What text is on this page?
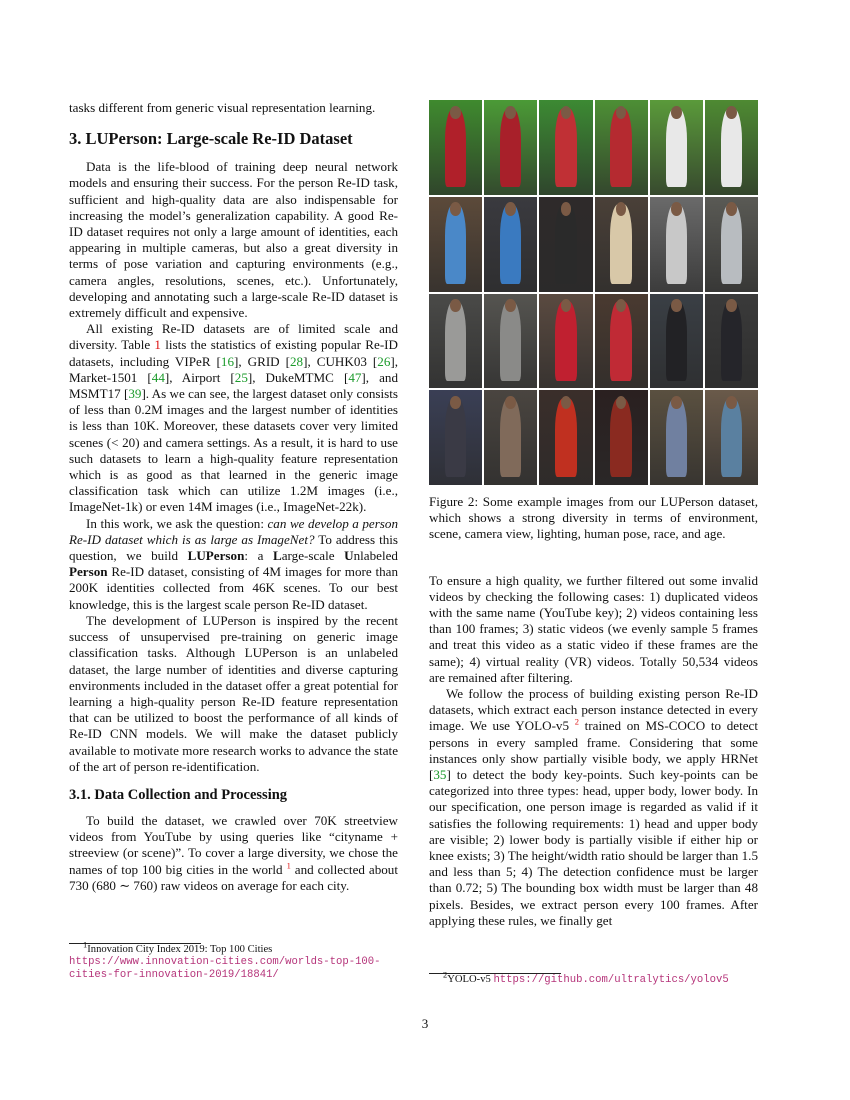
tasks different from generic visual representation learning.

3. LUPerson: Large-scale Re-ID Dataset

Data is the life-blood of training deep neural network models and ensuring their success. For the person Re-ID task, sufficient and high-quality data are also indispensable for increasing the model’s generalization capability. A good Re-ID dataset requires not only a large amount of identities, each appearing in multiple cameras, but also a great diversity in terms of pose variation and capturing environments (e.g., camera angles, resolutions, scenes, etc.). Unfortunately, developing and annotating such a large-scale Re-ID dataset is extremely difficult and expensive.

All existing Re-ID datasets are of limited scale and diversity. Table 1 lists the statistics of existing popular Re-ID datasets, including VIPeR [16], GRID [28], CUHK03 [26], Market-1501 [44], Airport [25], DukeMTMC [47], and MSMT17 [39]. As we can see, the largest dataset only consists of less than 0.2M images and the largest number of identities is less than 10K. Moreover, these datasets cover very limited scenes (< 20) and camera settings. As a result, it is hard to use such datasets to learn a high-quality feature representation which is as good as that learned in the generic image classification task which can utilize 1.2M images (i.e., ImageNet-1k) or even 14M images (i.e., ImageNet-22k).

In this work, we ask the question: can we develop a person Re-ID dataset which is as large as ImageNet? To address this question, we build LUPerson: a Large-scale Unlabeled Person Re-ID dataset, consisting of 4M images for more than 200K identities collected from 46K scenes. To our best knowledge, this is the largest scale person Re-ID dataset.

The development of LUPerson is inspired by the recent success of unsupervised pre-training on generic image classification tasks. Although LUPerson is an unlabeled dataset, the large number of identities and diverse capturing environments included in the dataset offer a great potential for learning a high-quality person Re-ID feature representation that can be utilized to boost the performance of all kinds of Re-ID CNN models. We will make the dataset publicly available to motivate more research works to advance the state of the art of person re-identification.

3.1. Data Collection and Processing

To build the dataset, we crawled over 70K streetview videos from YouTube by using queries like “cityname + streeview (or scene)”. To cover a large diversity, we chose the names of top 100 big cities in the world $^1$ and collected about 730 (680 ∼ 760) raw videos on average for each city.

$^1$Innovation City Index 2019: Top 100 Cities https://www.innovation-cities.com/worlds-top-100-cities-for-innovation-2019/18841/

Figure 2: Some example images from our LUPerson dataset, which shows a strong diversity in terms of environment, scene, camera view, lighting, human pose, race, and age.

To ensure a high quality, we further filtered out some invalid videos by checking the following cases: 1) duplicated videos with the same name (YouTube key); 2) videos containing less than 100 frames; 3) static videos (we evenly sample 5 frames and treat this video as a static video if these frames are the same); 4) virtual reality (VR) videos. Totally 50,534 videos are remained after filtering.

We follow the process of building existing person Re-ID datasets, which extract each person instance detected in every image. We use YOLO-v5 $^2$ trained on MS-COCO to detect persons in every sampled frame. Considering that some instances only show partially visible body, we apply HRNet [35] to detect the body key-points. Such key-points can be categorized into three types: head, upper body, lower body. In our specification, one person image is regarded as valid if it satisfies the following requirements: 1) head and upper body are visible; 2) lower body is partially visible if either hip or knee exists; 3) The height/width ratio should be larger than 1.5 and less than 5; 4) The detection confidence must be larger than 0.72; 5) The bounding box width must be larger than 48 pixels. Besides, we extract person every 100 frames. After applying these rules, we finally get

$^2$YOLO-v5 https://github.com/ultralytics/yolov5

3
